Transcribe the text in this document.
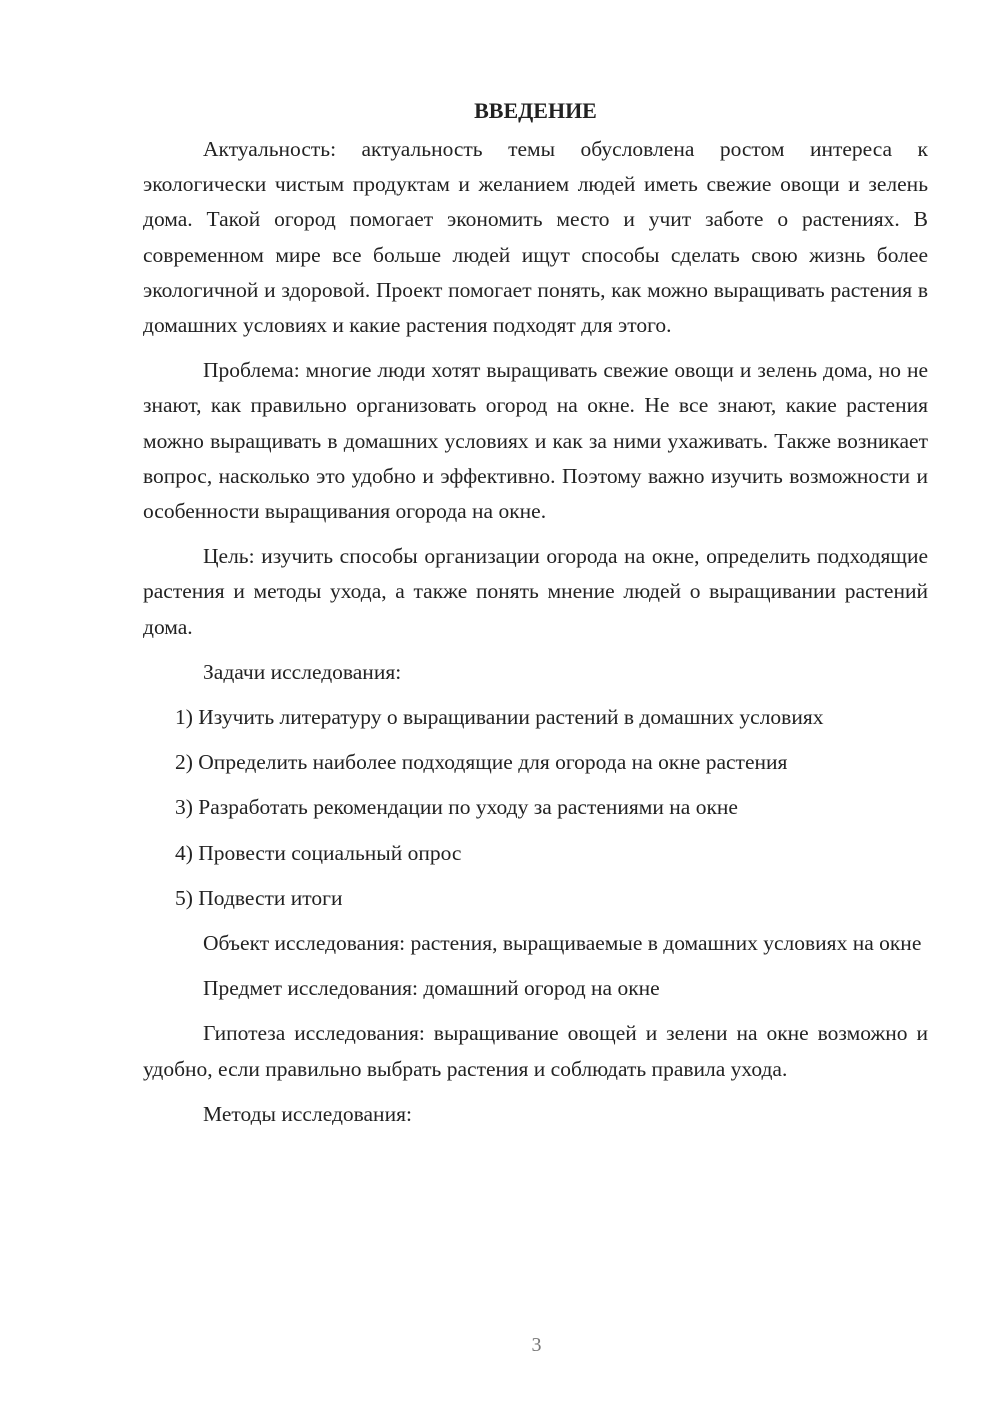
ВВЕДЕНИЕ

Актуальность: актуальность темы обусловлена ростом интереса к экологически чистым продуктам и желанием людей иметь свежие овощи и зелень дома. Такой огород помогает экономить место и учит заботе о растениях. В современном мире все больше людей ищут способы сделать свою жизнь более экологичной и здоровой. Проект помогает понять, как можно выращивать растения в домашних условиях и какие растения подходят для этого.

Проблема: многие люди хотят выращивать свежие овощи и зелень дома, но не знают, как правильно организовать огород на окне. Не все знают, какие растения можно выращивать в домашних условиях и как за ними ухаживать. Также возникает вопрос, насколько это удобно и эффективно. Поэтому важно изучить возможности и особенности выращивания огорода на окне.

Цель: изучить способы организации огорода на окне, определить подходящие растения и методы ухода, а также понять мнение людей о выращивании растений дома.

Задачи исследования:

1) Изучить литературу о выращивании растений в домашних условиях
2) Определить наиболее подходящие для огорода на окне растения
3) Разработать рекомендации по уходу за растениями на окне
4) Провести социальный опрос
5) Подвести итоги

Объект исследования: растения, выращиваемые в домашних условиях на окне

Предмет исследования: домашний огород на окне

Гипотеза исследования: выращивание овощей и зелени на окне возможно и удобно, если правильно выбрать растения и соблюдать правила ухода.

Методы исследования:

3
